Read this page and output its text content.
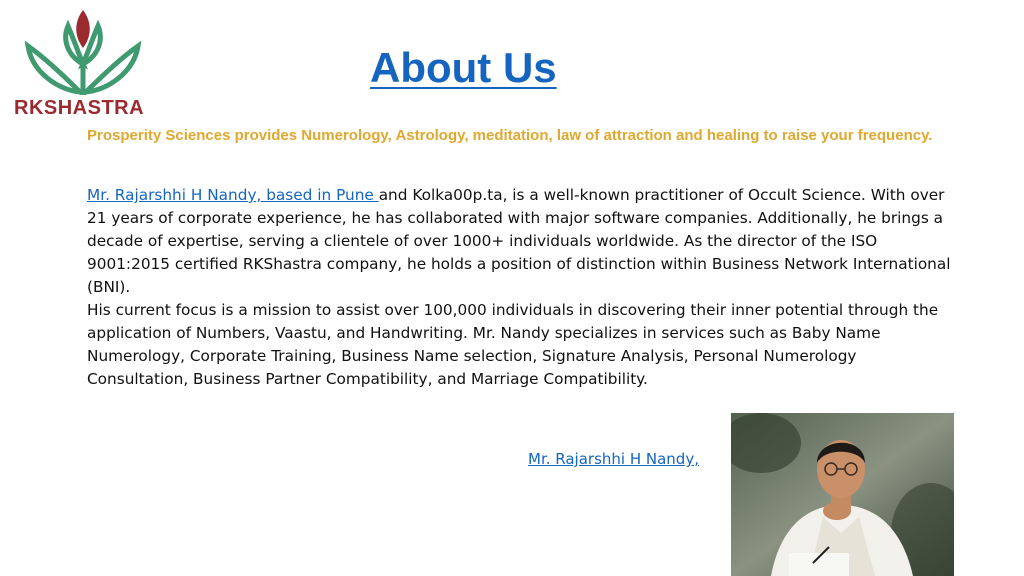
RKSHASTRA
About Us

Prosperity Sciences provides Numerology, Astrology, meditation, law of attraction and healing to raise your frequency.

Mr. Rajarshhi H Nandy, based in Pune and Kolka00p.ta, is a well-known practitioner of Occult Science. With over 21 years of corporate experience, he has collaborated with major software companies. Additionally, he brings a decade of expertise, serving a clientele of over 1000+ individuals worldwide. As the director of the ISO 9001:2015 certified RKShastra company, he holds a position of distinction within Business Network International (BNI).

His current focus is a mission to assist over 100,000 individuals in discovering their inner potential through the application of Numbers, Vaastu, and Handwriting. Mr. Nandy specializes in services such as Baby Name Numerology, Corporate Training, Business Name selection, Signature Analysis, Personal Numerology Consultation, Business Partner Compatibility, and Marriage Compatibility.

Mr. Rajarshhi H Nandy,
